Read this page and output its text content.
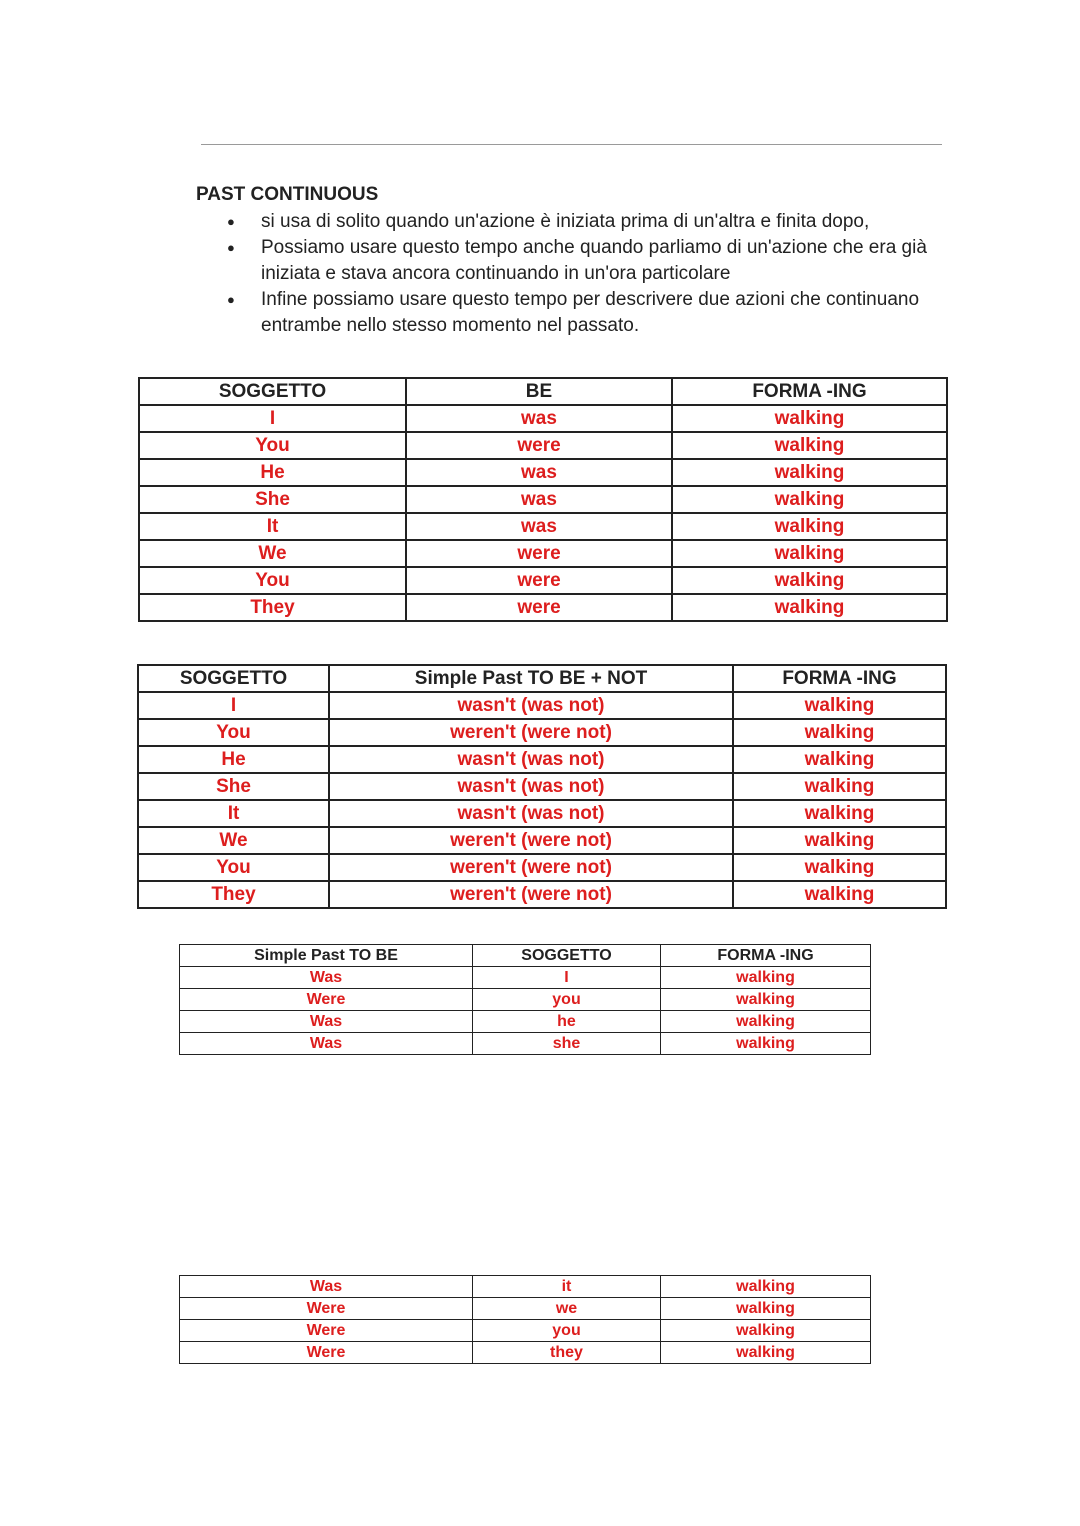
PAST CONTINUOUS
● si usa di solito quando un'azione è iniziata prima di un'altra e finita dopo,
● Possiamo usare questo tempo anche quando parliamo di un'azione che era già iniziata e stava ancora continuando in un'ora particolare
● Infine possiamo usare questo tempo per descrivere due azioni che continuano entrambe nello stesso momento nel passato.
SOGGETTO	BE	FORMA -ING
I	was	walking
You	were	walking
He	was	walking
She	was	walking
It	was	walking
We	were	walking
You	were	walking
They	were	walking
SOGGETTO	Simple Past TO BE + NOT	FORMA -ING
I	wasn't (was not)	walking
You	weren't (were not)	walking
He	wasn't (was not)	walking
She	wasn't (was not)	walking
It	wasn't (was not)	walking
We	weren't (were not)	walking
You	weren't (were not)	walking
They	weren't (were not)	walking
Simple Past TO BE	SOGGETTO	FORMA -ING
Was	I	walking
Were	you	walking
Was	he	walking
Was	she	walking
Was	it	walking
Were	we	walking
Were	you	walking
Were	they	walking
